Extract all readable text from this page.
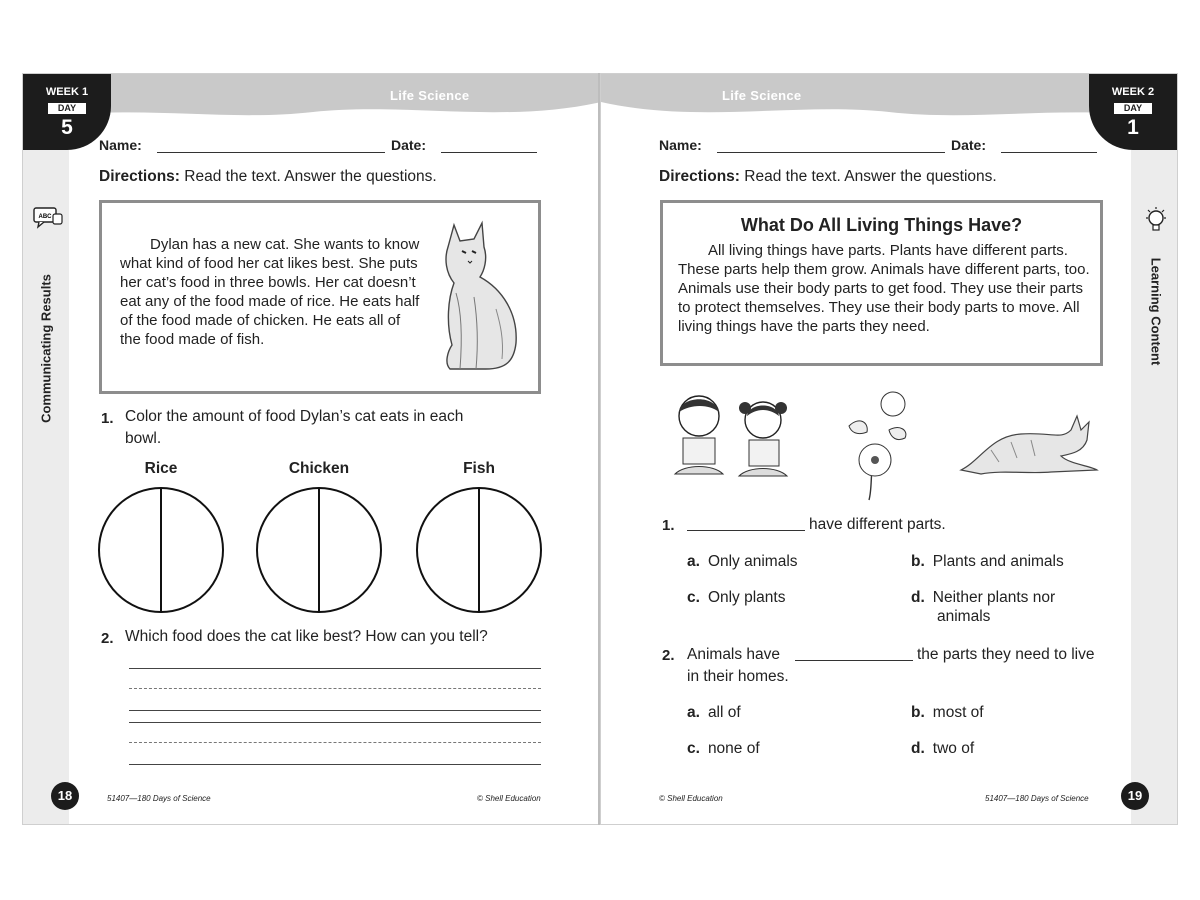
Life Science
WEEK 1
DAY
5
ABC
Communicating Results
Name:	Date:
Directions: Read the text. Answer the questions.
  Dylan has a new cat. She wants to know what kind of food her cat likes best. She puts her cat’s food in three bowls. Her cat doesn’t eat any of the food made of rice. He eats half of the food made of chicken. He eats all of the food made of fish.
1. Color the amount of food Dylan’s cat eats in each bowl.
Rice	Chicken	Fish
2. Which food does the cat like best? How can you tell?
18	51407—180 Days of Science	© Shell Education
Life Science	WEEK 2
DAY
1
Learning Content
Name:	Date:
Directions: Read the text. Answer the questions.
What Do All Living Things Have?
  All living things have parts. Plants have different parts. These parts help them grow. Animals have different parts, too. Animals use their body parts to get food. They use their parts to protect themselves. They use their body parts to move. All living things have the parts they need.
1.	have different parts.
a. Only animals	b. Plants and animals
c. Only plants	d. Neither plants nor animals
2. Animals have	the parts they need to live in their homes.
a. all of	b. most of
c. none of	d. two of
19
© Shell Education	51407—180 Days of Science
